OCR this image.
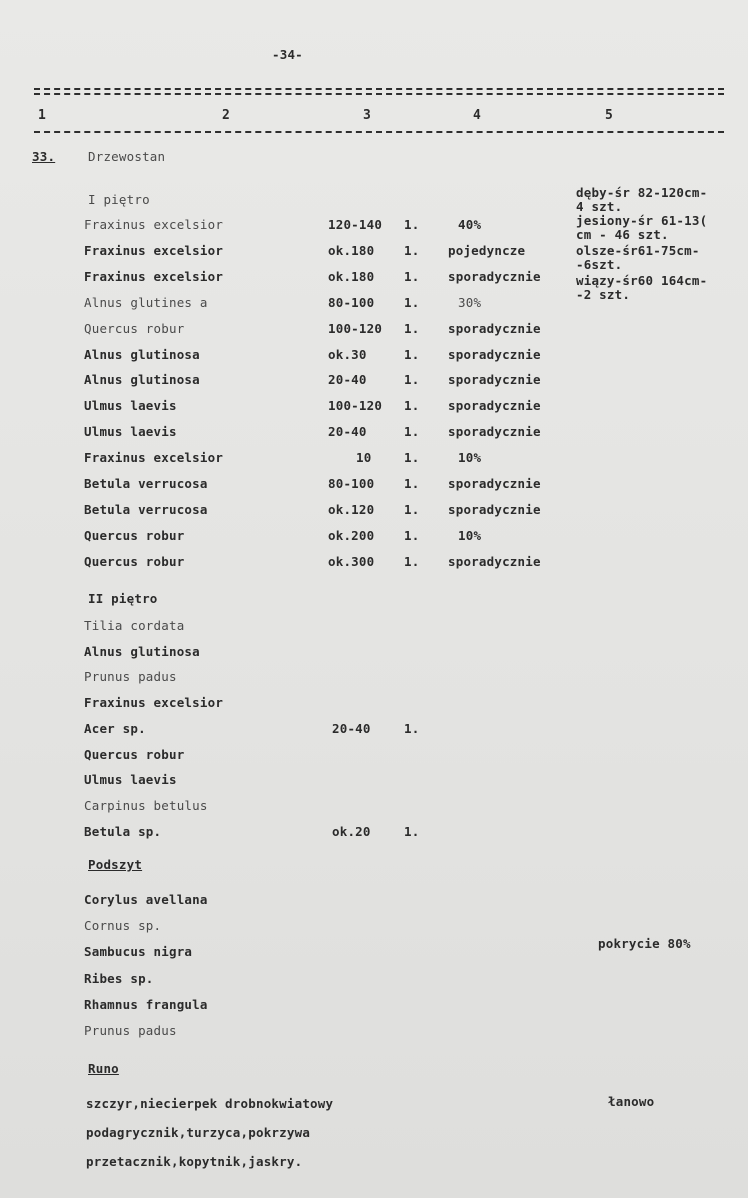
-34-
1	2	3	4	5
33.	Drzewostan
I piętro
Fraxinus excelsior	120-140 1.	40%
Fraxinus excelsior	ok.180 1. pojedyncze
Fraxinus excelsior	ok.180 1. sporadycznie
Alnus glutines a	80-100 1.	30%
Quercus robur	100-120 1. sporadycznie
Alnus glutinosa	ok.30	1. sporadycznie
Alnus glutinosa	20-40	1. sporadycznie
Ulmus laevis	100-120 1. sporadycznie
Ulmus laevis	20-40	1. sporadycznie
Fraxinus excelsior	10	1.	10%
Betula verrucosa	80-100 1. sporadycznie
Betula verrucosa	ok.120 1. sporadycznie
Quercus robur	ok.200 1.	10%
Quercus robur	ok.300 1. sporadycznie
dęby-śr 82-120cm-
4 szt.
jesiony-śr 61-13(
cm - 46 szt.
olsze-śr61-75cm-
-6szt.
wiązy-śr60 164cm-
-2 szt.
II piętro
Tilia cordata
Alnus glutinosa
Prunus padus
Fraxinus excelsior
Acer sp.	20-40	1.
Quercus robur
Ulmus laevis
Carpinus betulus
Betula sp.	ok.20	1.
Podszyt
Corylus avellana
Cornus sp.
Sambucus nigra
Ribes sp.
Rhamnus frangula
Prunus padus
pokrycie 80%
Runo
szczyr,niecierpek drobnokwiatowy
podagrycznik,turzyca,pokrzywa
przetacznik,kopytnik,jaskry.
łanowo
